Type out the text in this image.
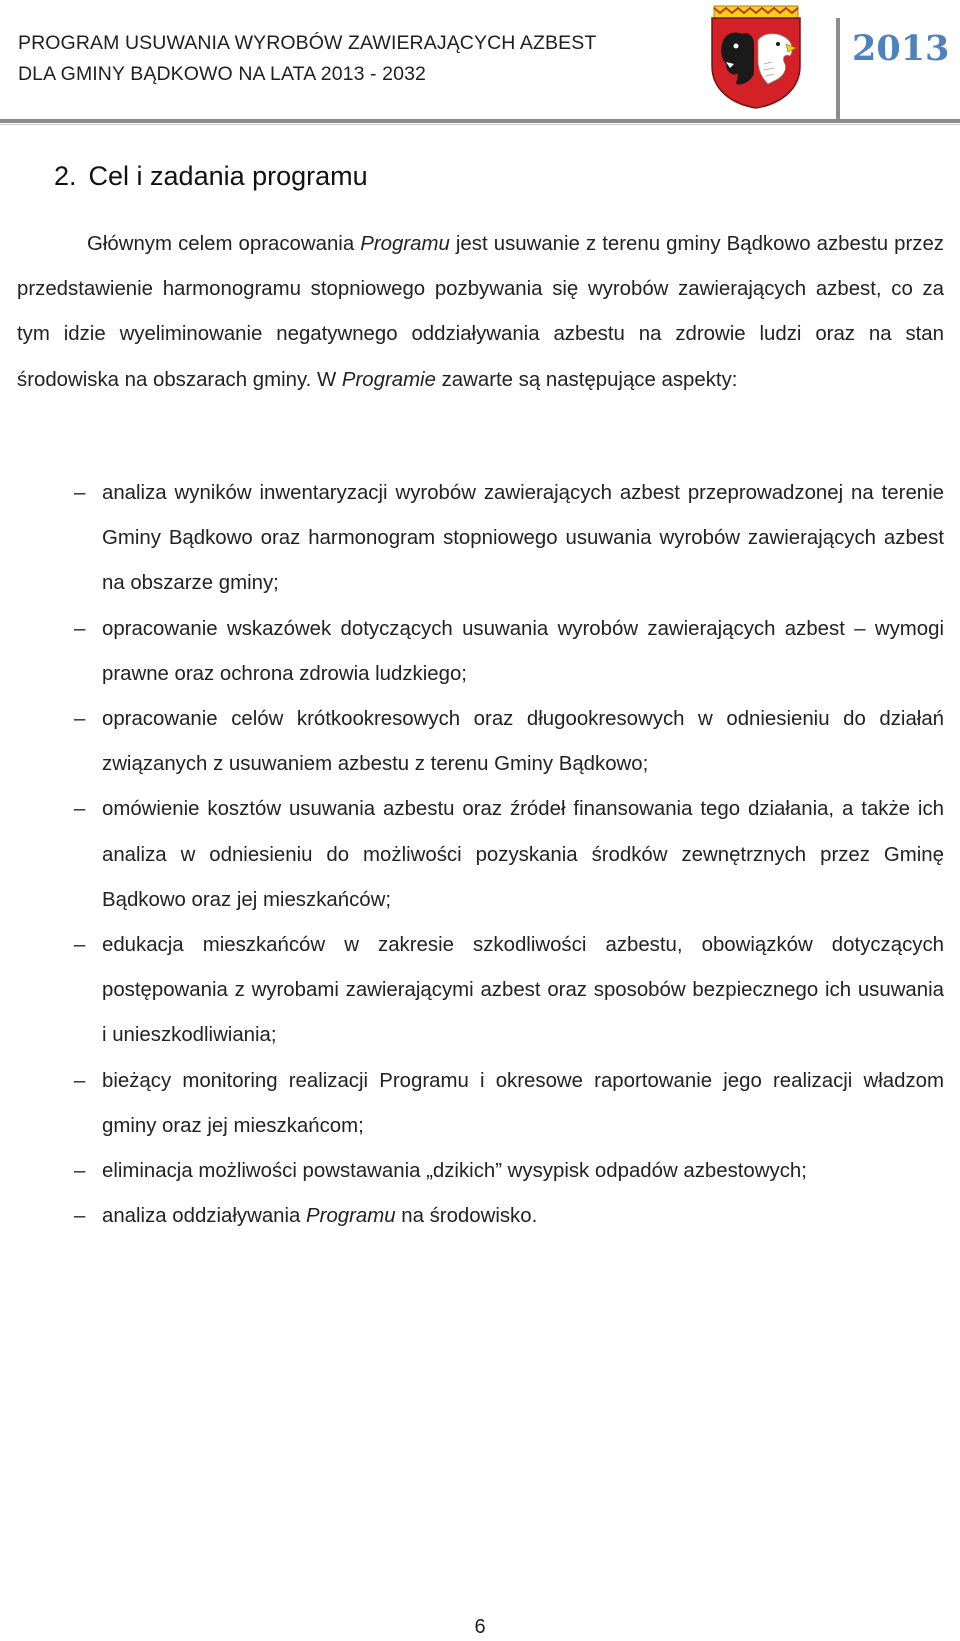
PROGRAM USUWANIA WYROBÓW ZAWIERAJĄCYCH AZBEST
DLA GMINY BĄDKOWO NA LATA 2013 - 2032
2013
2. Cel i zadania programu

Głównym celem opracowania Programu jest usuwanie z terenu gminy Bądkowo azbestu przez przedstawienie harmonogramu stopniowego pozbywania się wyrobów zawierających azbest, co za tym idzie wyeliminowanie negatywnego oddziaływania azbestu na zdrowie ludzi oraz na stan środowiska na obszarach gminy. W Programie zawarte są następujące aspekty:

– analiza wyników inwentaryzacji wyrobów zawierających azbest przeprowadzonej na terenie Gminy Bądkowo oraz harmonogram stopniowego usuwania wyrobów zawierających azbest na obszarze gminy;
– opracowanie wskazówek dotyczących usuwania wyrobów zawierających azbest – wymogi prawne oraz ochrona zdrowia ludzkiego;
– opracowanie celów krótkookresowych oraz długookresowych w odniesieniu do działań związanych z usuwaniem azbestu z terenu Gminy Bądkowo;
– omówienie kosztów usuwania azbestu oraz źródeł finansowania tego działania, a także ich analiza w odniesieniu do możliwości pozyskania środków zewnętrznych przez Gminę Bądkowo oraz jej mieszkańców;
– edukacja mieszkańców w zakresie szkodliwości azbestu, obowiązków dotyczących postępowania z wyrobami zawierającymi azbest oraz sposobów bezpiecznego ich usuwania i unieszkodliwiania;
– bieżący monitoring realizacji Programu i okresowe raportowanie jego realizacji władzom gminy oraz jej mieszkańcom;
– eliminacja możliwości powstawania „dzikich” wysypisk odpadów azbestowych;
– analiza oddziaływania Programu na środowisko.
6
